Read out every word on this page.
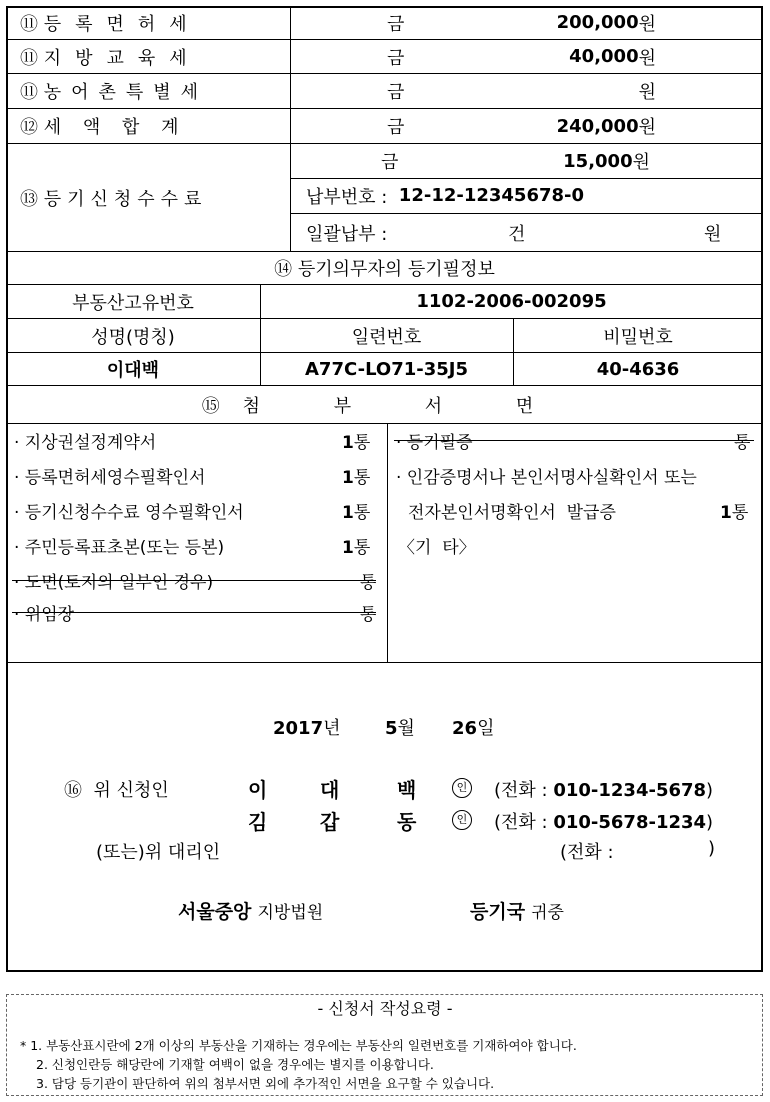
⑪
등록면허세	금	200,000 원
⑪
지방교육세	금	40,000 원
⑪
농어촌특별세	금	원
⑫
세 액 합 계	금	240,000 원
⑬
등기신청수수료
금	15,000 원
납부번호 :
12-12-12345678-0
일괄납부 :	건	원
⑭
등기의무자의 등기필정보
부동산고유번호	1102-2006-002095
성명(명칭)	일련번호	비밀번호
이대백	A77C-LO71-35J5	40-4636
⑮
첨 부 서 면
· 지상권설정계약서	1통
· 등록면허세영수필확인서	1통
· 등기신청수수료 영수필확인서	1통
· 주민등록표초본(또는 등본)	1통
· 도면(토지의 일부인 경우)	통
· 위임장	통
· 등기필증	통
· 인감증명서나 본인서명사실확인서 또는
전자본인서명확인서  발급증	1통
〈기  타〉
2017년 5월 26일
⑯ 위 신청인	이	대	백	인 (전화 : 010-1234-5678)
김	갑	동	인 (전화 : 010-5678-1234)
(또는)위 대리인	(전화 :	)
서울중앙 지방법원	등기국 귀중
- 신청서 작성요령 -
* 1. 부동산표시란에 2개 이상의 부동산을 기재하는 경우에는 부동산의 일련번호를 기재하여야 합니다.
2. 신청인란등 해당란에 기재할 여백이 없을 경우에는 별지를 이용합니다.
3. 담당 등기관이 판단하여 위의 첨부서면 외에 추가적인 서면을 요구할 수 있습니다.
